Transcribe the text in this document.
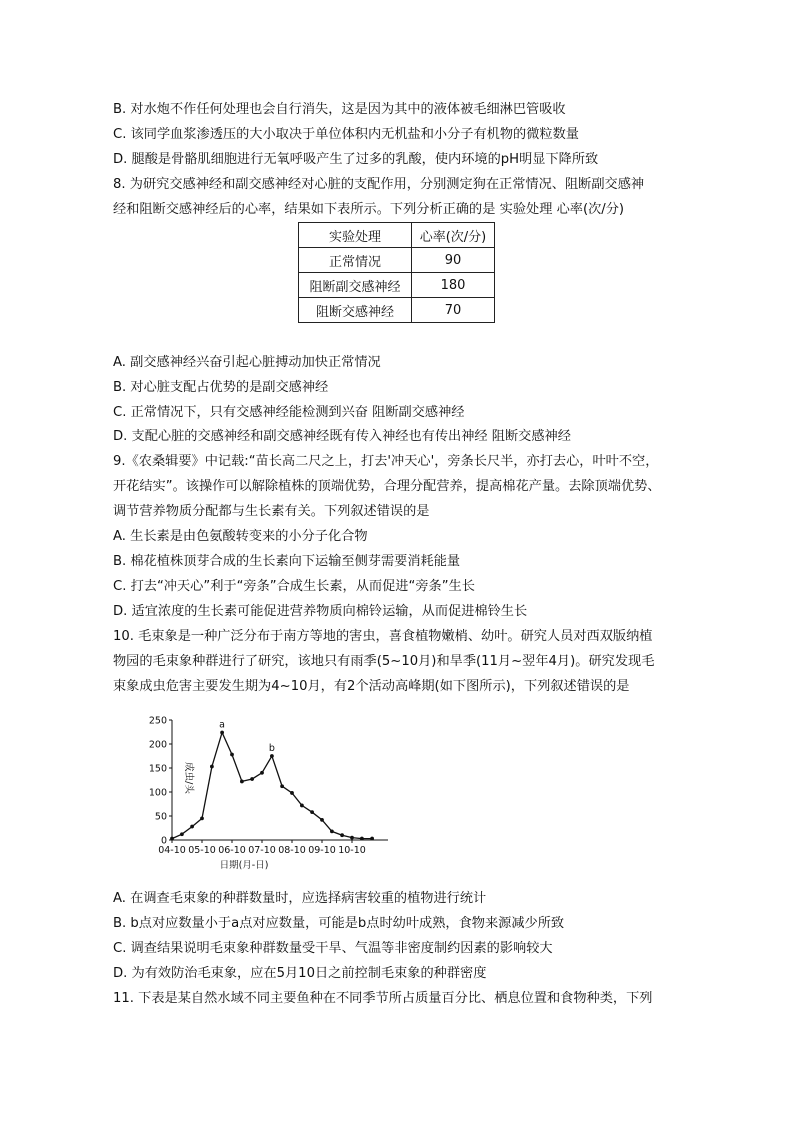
B. 对水炮不作任何处理也会自行消失，这是因为其中的液体被毛细淋巴管吸收
C. 该同学血浆渗透压的大小取决于单位体积内无机盐和小分子有机物的微粒数量
D. 腿酸是骨骼肌细胞进行无氧呼吸产生了过多的乳酸，使内环境的pH明显下降所致
8. 为研究交感神经和副交感神经对心脏的支配作用，分别测定狗在正常情况、阻断副交感神
经和阻断交感神经后的心率，结果如下表所示。下列分析正确的是 实验处理 心率(次/分)
实验处理	心率(次/分)
正常情况	90
阻断副交感神经	180
阻断交感神经	70
A. 副交感神经兴奋引起心脏搏动加快正常情况
B. 对心脏支配占优势的是副交感神经
C. 正常情况下，只有交感神经能检测到兴奋 阻断副交感神经
D. 支配心脏的交感神经和副交感神经既有传入神经也有传出神经 阻断交感神经
9.《农桑辑要》中记载:“苗长高二尺之上，打去'冲天心'，旁条长尺半，亦打去心，叶叶不空，
开花结实”。该操作可以解除植株的顶端优势，合理分配营养，提高棉花产量。去除顶端优势、
调节营养物质分配都与生长素有关。下列叙述错误的是
A. 生长素是由色氨酸转变来的小分子化合物
B. 棉花植株顶芽合成的生长素向下运输至侧芽需要消耗能量
C. 打去“冲天心”利于“旁条”合成生长素，从而促进“旁条”生长
D. 适宜浓度的生长素可能促进营养物质向棉铃运输，从而促进棉铃生长
10. 毛束象是一种广泛分布于南方等地的害虫，喜食植物嫩梢、幼叶。研究人员对西双版纳植
物园的毛束象种群进行了研究，该地只有雨季(5~10月)和旱季(11月~翌年4月)。研究发现毛
束象成虫危害主要发生期为4~10月，有2个活动高峰期(如下图所示)，下列叙述错误的是
0
50
100
150
200
250
04-10 05-10 06-10 07-10 08-10 09-10 10-10
a
b
日期(月-日)
成虫/头
A. 在调查毛束象的种群数量时，应选择病害较重的植物进行统计
B. b点对应数量小于a点对应数量，可能是b点时幼叶成熟，食物来源减少所致
C. 调查结果说明毛束象种群数量受干旱、气温等非密度制约因素的影响较大
D. 为有效防治毛束象，应在5月10日之前控制毛束象的种群密度
11. 下表是某自然水域不同主要鱼种在不同季节所占质量百分比、栖息位置和食物种类，下列
